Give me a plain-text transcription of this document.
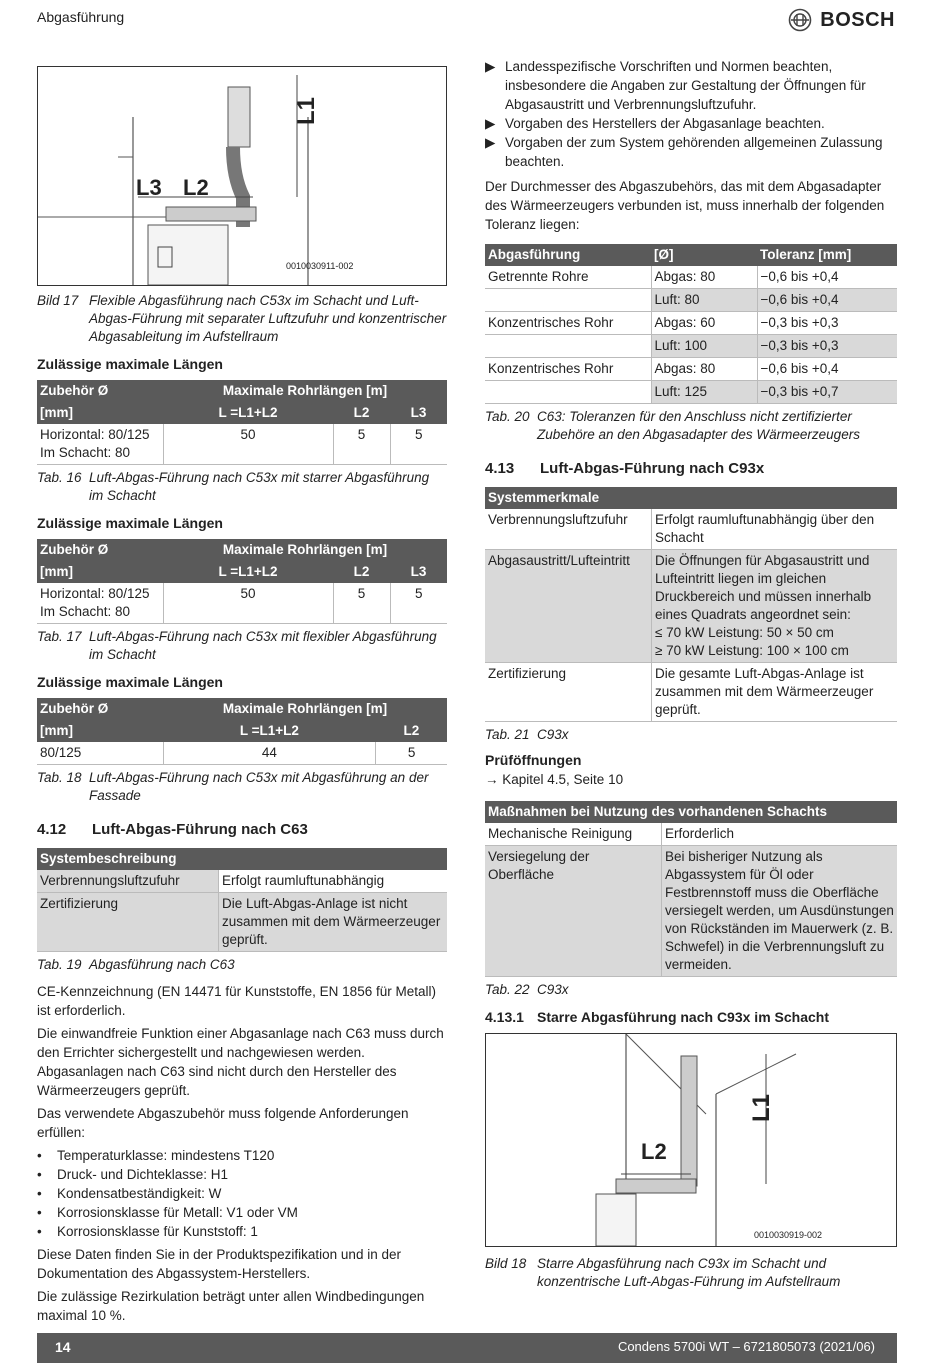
Abgasführung	BOSCH
L1
L3 L2
0010030911-002
Bild 17 Flexible Abgasführung nach C53x im Schacht und Luft-Abgas-Führung mit separater Luftzufuhr und konzentrischer Abgasableitung im Aufstellraum
Zulässige maximale Längen
Zubehör Ø	Maximale Rohrlängen [m]		
[mm]	L =L1+L2	L2	L3
Horizontal: 80/125
Im Schacht: 80	50	5	5
Tab. 16 Luft-Abgas-Führung nach C53x mit starrer Abgasführung im Schacht
Zulässige maximale Längen
Zubehör Ø	Maximale Rohrlängen [m]		
[mm]	L =L1+L2	L2	L3
Horizontal: 80/125
Im Schacht: 80	50	5	5
Tab. 17 Luft-Abgas-Führung nach C53x mit flexibler Abgasführung im Schacht
Zulässige maximale Längen
Zubehör Ø	Maximale Rohrlängen [m]	
[mm]	L =L1+L2	L2
80/125	44	5
Tab. 18 Luft-Abgas-Führung nach C53x mit Abgasführung an der Fassade
4.12	Luft-Abgas-Führung nach C63
Systembeschreibung	
Verbrennungsluftzufuhr	Erfolgt raumluftunabhängig
Zertifizierung	Die Luft-Abgas-Anlage ist nicht zusammen mit dem Wärmeerzeuger geprüft.
Tab. 19 Abgasführung nach C63

CE-Kennzeichnung (EN 14471 für Kunststoffe, EN 1856 für Metall) ist erforderlich.

Die einwandfreie Funktion einer Abgasanlage nach C63 muss durch den Errichter sichergestellt und nachgewiesen werden. Abgasanlagen nach C63 sind nicht durch den Hersteller des Wärmeerzeugers geprüft.

Das verwendete Abgaszubehör muss folgende Anforderungen erfüllen:

•	Temperaturklasse: mindestens T120
•	Druck- und Dichteklasse: H1
•	Kondensatbeständigkeit: W
•	Korrosionsklasse für Metall: V1 oder VM
•	Korrosionsklasse für Kunststoff: 1

Diese Daten finden Sie in der Produktspezifikation und in der Dokumentation des Abgassystem-Herstellers.

Die zulässige Rezirkulation beträgt unter allen Windbedingungen maximal 10 %.

▶ Landesspezifische Vorschriften und Normen beachten, insbesondere die Angaben zur Gestaltung der Öffnungen für Abgasaustritt und Verbrennungsluftzufuhr.
▶ Vorgaben des Herstellers der Abgasanlage beachten.
▶ Vorgaben der zum System gehörenden allgemeinen Zulassung beachten.

Der Durchmesser des Abgaszubehörs, das mit dem Abgasadapter des Wärmeerzeugers verbunden ist, muss innerhalb der folgenden Toleranz liegen:

Abgasführung	[Ø]	Toleranz [mm]
Getrennte Rohre	Abgas: 80	−0,6 bis +0,4
	Luft: 80	−0,6 bis +0,4
Konzentrisches Rohr	Abgas: 60	−0,3 bis +0,3
	Luft: 100	−0,3 bis +0,3
Konzentrisches Rohr	Abgas: 80	−0,6 bis +0,4
	Luft: 125	−0,3 bis +0,7
Tab. 20 C63: Toleranzen für den Anschluss nicht zertifizierter Zubehöre an den Abgasadapter des Wärmeerzeugers
4.13	Luft-Abgas-Führung nach C93x
Systemmerkmale	
Verbrennungsluftzufuhr	Erfolgt raumluftunabhängig über den Schacht
Abgasaustritt/Lufteintritt	Die Öffnungen für Abgasaustritt und Lufteintritt liegen im gleichen Druckbereich und müssen innerhalb eines Quadrats angeordnet sein:
≤ 70 kW Leistung: 50 × 50 cm
≥ 70 kW Leistung: 100 × 100 cm
Zertifizierung	Die gesamte Luft-Abgas-Anlage ist zusammen mit dem Wärmeerzeuger geprüft.
Tab. 21 C93x
Prüföffnungen

→ Kapitel 4.5, Seite 10

Maßnahmen bei Nutzung des vorhandenen Schachts	
Mechanische Reinigung	Erforderlich
Versiegelung der Oberfläche	Bei bisheriger Nutzung als Abgassystem für Öl oder Festbrennstoff muss die Oberfläche versiegelt werden, um Ausdünstungen von Rückständen im Mauerwerk (z. B. Schwefel) in die Verbrennungsluft zu vermeiden.
Tab. 22 C93x
4.13.1 Starre Abgasführung nach C93x im Schacht
L1
L2
0010030919-002
Bild 18 Starre Abgasführung nach C93x im Schacht und konzentrische Luft-Abgas-Führung im Aufstellraum
14	Condens 5700i WT – 6721805073 (2021/06)
